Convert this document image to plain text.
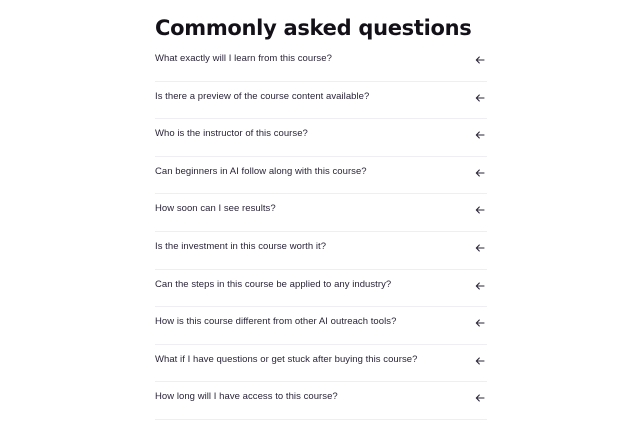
Commonly asked questions
What exactly will I learn from this course?
Is there a preview of the course content available?
Who is the instructor of this course?
Can beginners in AI follow along with this course?
How soon can I see results?
Is the investment in this course worth it?
Can the steps in this course be applied to any industry?
How is this course different from other AI outreach tools?
What if I have questions or get stuck after buying this course?
How long will I have access to this course?
